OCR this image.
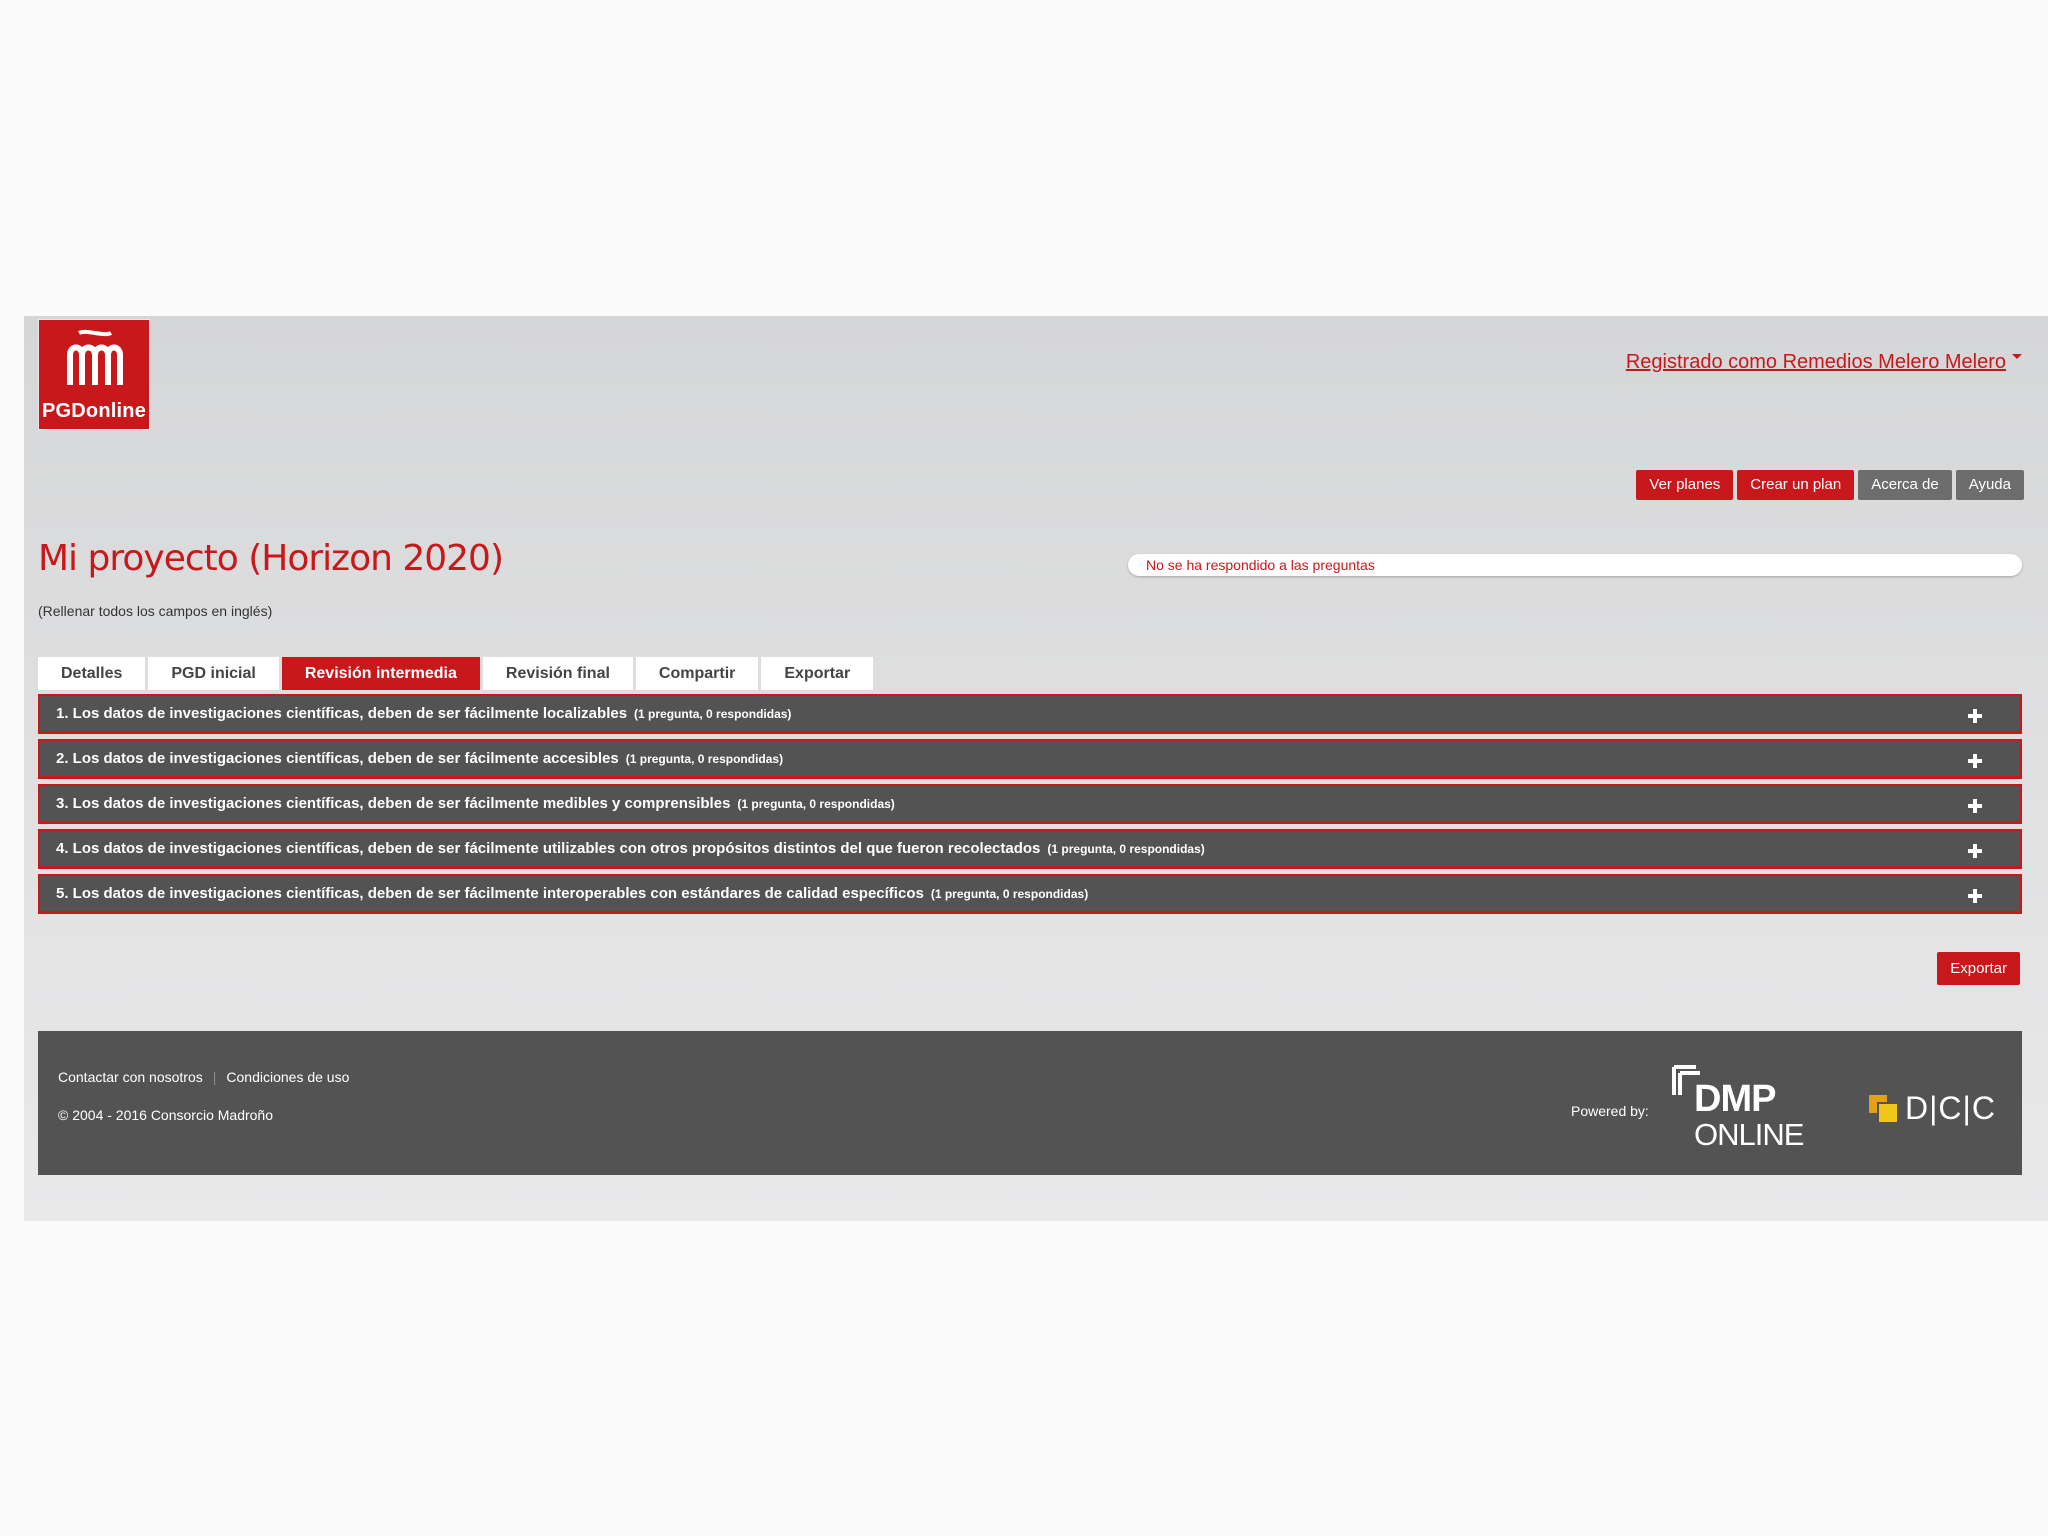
PGDonline
Registrado como Remedios Melero Melero
Ver planes	Crear un plan	Acerca de	Ayuda
Mi proyecto (Horizon 2020)
(Rellenar todos los campos en inglés)
No se ha respondido a las preguntas
Detalles	PGD inicial	Revisión intermedia	Revisión final	Compartir	Exportar
1. Los datos de investigaciones científicas, deben de ser fácilmente localizables (1 pregunta, 0 respondidas)
2. Los datos de investigaciones científicas, deben de ser fácilmente accesibles (1 pregunta, 0 respondidas)
3. Los datos de investigaciones científicas, deben de ser fácilmente medibles y comprensibles (1 pregunta, 0 respondidas)
4. Los datos de investigaciones científicas, deben de ser fácilmente utilizables con otros propósitos distintos del que fueron recolectados (1 pregunta, 0 respondidas)
5. Los datos de investigaciones científicas, deben de ser fácilmente interoperables con estándares de calidad específicos (1 pregunta, 0 respondidas)
Exportar
Contactar con nosotros | Condiciones de uso
© 2004 - 2016 Consorcio Madroño	Powered by: DMP
ONLINE
D|C|C
